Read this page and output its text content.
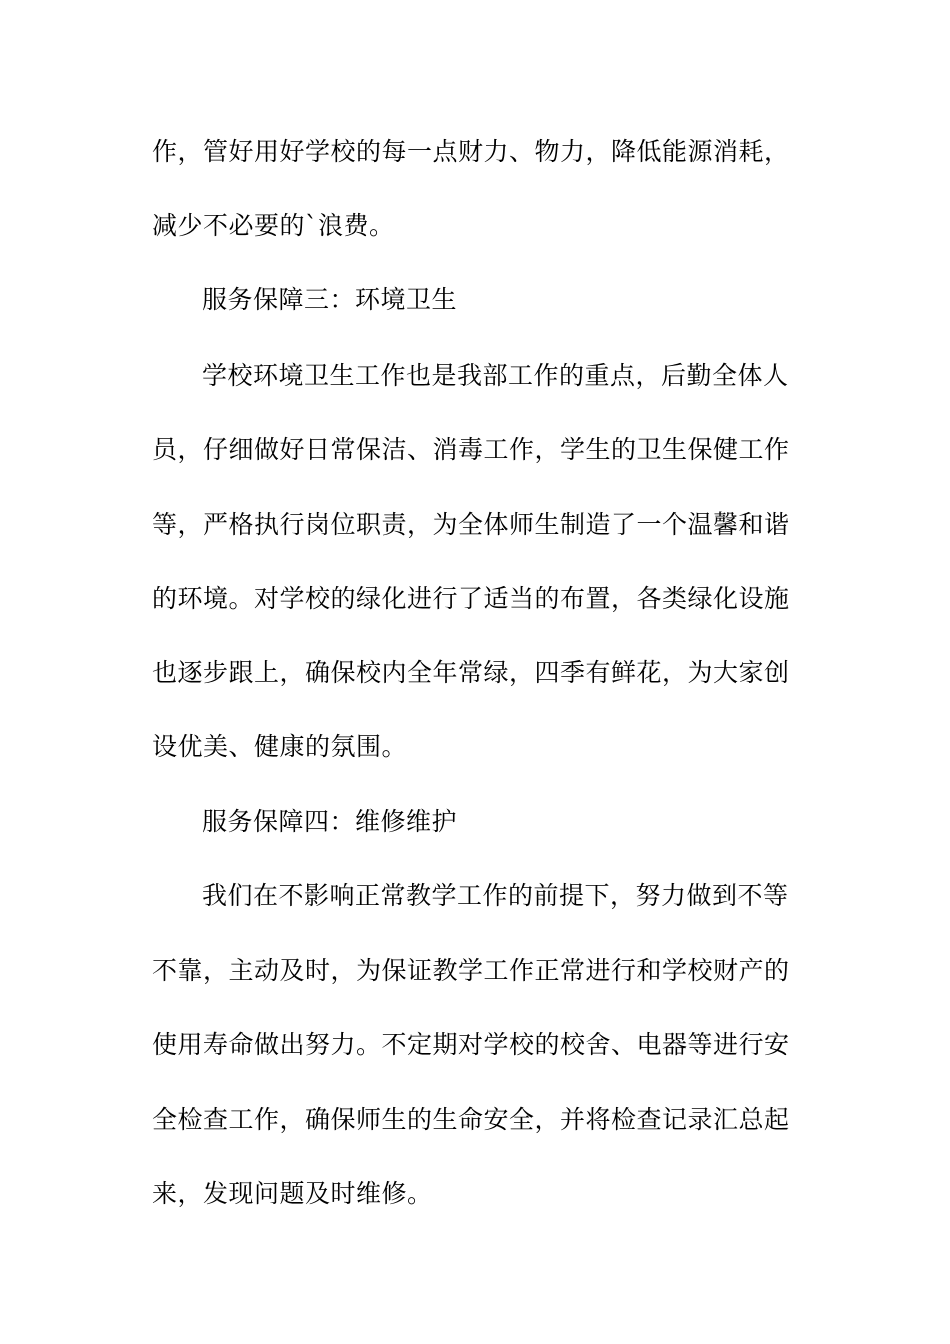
作，管好用好学校的每一点财力、物力，降低能源消耗，
减少不必要的`浪费。
服务保障三：环境卫生
学校环境卫生工作也是我部工作的重点，后勤全体人
员，仔细做好日常保洁、消毒工作，学生的卫生保健工作
等，严格执行岗位职责，为全体师生制造了一个温馨和谐
的环境。对学校的绿化进行了适当的布置，各类绿化设施
也逐步跟上，确保校内全年常绿，四季有鲜花，为大家创
设优美、健康的氛围。
服务保障四：维修维护
我们在不影响正常教学工作的前提下，努力做到不等
不靠，主动及时，为保证教学工作正常进行和学校财产的
使用寿命做出努力。不定期对学校的校舍、电器等进行安
全检查工作，确保师生的生命安全，并将检查记录汇总起
来，发现问题及时维修。
